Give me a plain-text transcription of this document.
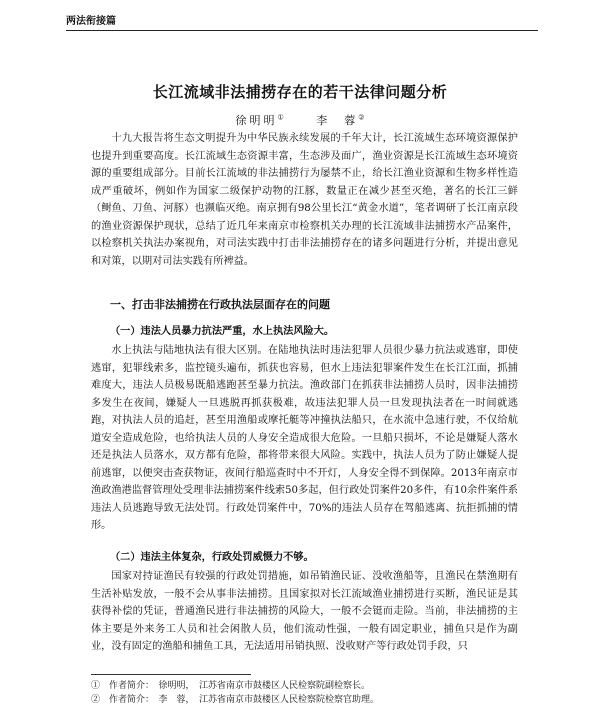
两法衔接篇
长江流域非法捕捞存在的若干法律问题分析
徐明明①	李　蓉②

十九大报告将生态文明提升为中华民族永续发展的千年大计，长江流域生态环境资源保护也提升到重要高度。长江流域生态资源丰富，生态涉及面广，渔业资源是长江流域生态环境资源的重要组成部分。目前长江流域的非法捕捞行为屡禁不止，给长江渔业资源和生物多样性造成严重破坏，例如作为国家二级保护动物的江豚，数量正在减少甚至灭绝，著名的长江三鲜（鲥鱼、刀鱼、河豚）也濒临灭绝。南京拥有98公里长江“黄金水道”，笔者调研了长江南京段的渔业资源保护现状，总结了近几年来南京市检察机关办理的长江流域非法捕捞水产品案件，以检察机关执法办案视角，对司法实践中打击非法捕捞存在的诸多问题进行分析，并提出意见和对策，以期对司法实践有所裨益。

一、打击非法捕捞在行政执法层面存在的问题
（一）违法人员暴力抗法严重，水上执法风险大。

水上执法与陆地执法有很大区别。在陆地执法时违法犯罪人员很少暴力抗法或逃窜，即使逃窜，犯罪线索多，监控镜头遍布，抓获也容易，但水上违法犯罪案件发生在长江江面，抓捕难度大，违法人员极易既船逃跑甚至暴力抗法。渔政部门在抓获非法捕捞人员时，因非法捕捞多发生在夜间，嫌疑人一旦逃脱再抓获极难，故违法犯罪人员一旦发现执法者在一时间就逃跑，对执法人员的追赶，甚至用渔船或摩托艇等冲撞执法船只，在水流中急速行驶，不仅给航道安全造成危险，也给执法人员的人身安全造成很大危险。一旦船只损坏，不论是嫌疑人落水还是执法人员落水，双方都有危险，都将带来很大风险。实践中，执法人员为了防止嫌疑人提前逃窜，以便突击查获物证，夜间行船巡查时中不开灯，人身安全得不到保障。2013年南京市渔政渔港监督管理处受理非法捕捞案件线索50多起，但行政处罚案件20多件，有10余件案件系违法人员逃跑导致无法处罚。行政处罚案件中，70%的违法人员存在驾船逃离、抗拒抓捕的情形。

（二）违法主体复杂，行政处罚威慑力不够。

国家对持证渔民有较强的行政处罚措施，如吊销渔民证、没收渔船等，且渔民在禁渔期有生活补贴发放，一般不会从事非法捕捞。且国家拟对长江流域渔业捕捞进行买断，渔民证是其获得补偿的凭证，普通渔民进行非法捕捞的风险大，一般不会铤而走险。当前，非法捕捞的主体主要是外来务工人员和社会闲散人员，他们流动性强，一般有固定职业，捕鱼只是作为副业，没有固定的渔船和捕鱼工具，无法适用吊销执照、没收财产等行政处罚手段，只

①　作者简介：　徐明明，　江苏省南京市鼓楼区人民检察院副检察长。
②　作者简介：　李　蓉，　江苏省南京市鼓楼区人民检察院检察官助理。
